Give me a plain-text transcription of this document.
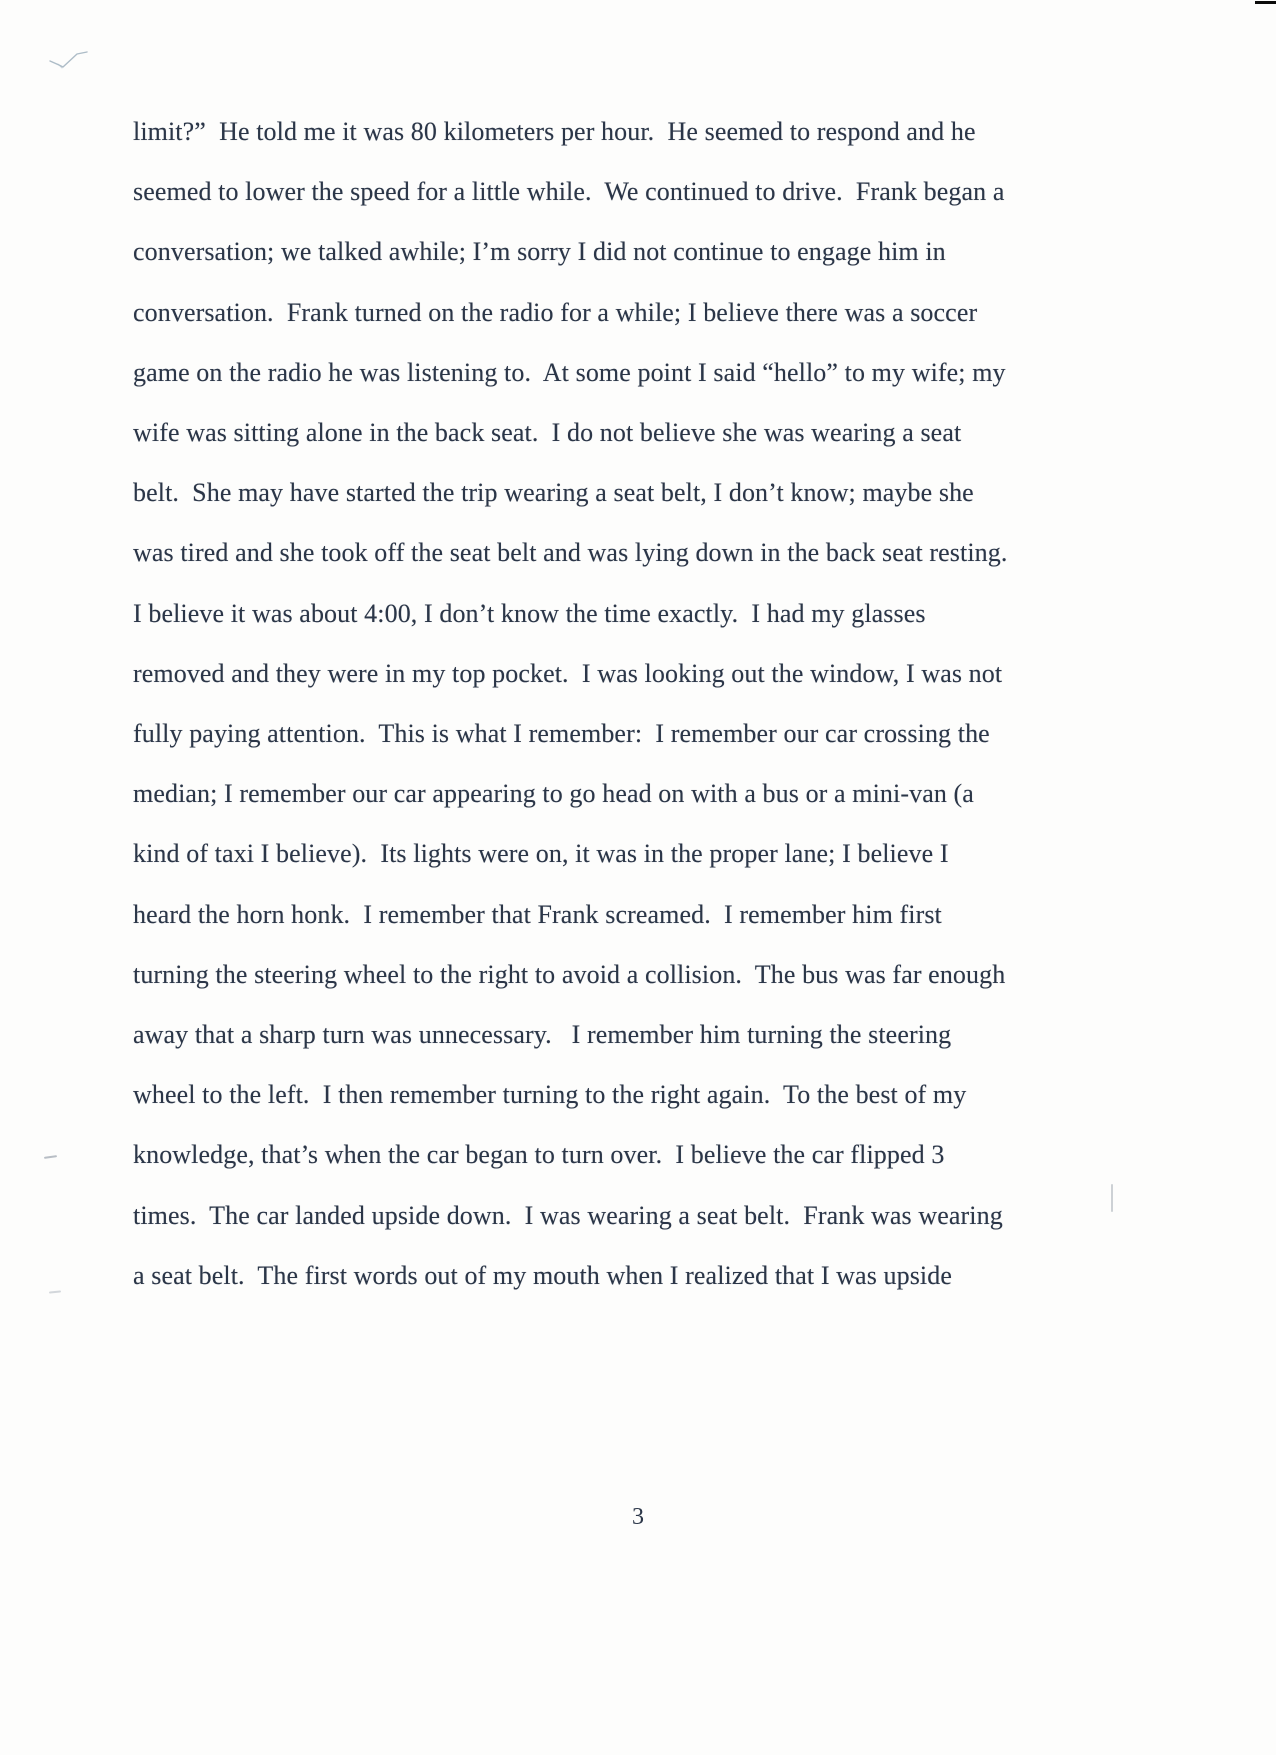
limit?”  He told me it was 80 kilometers per hour.  He seemed to respond and he
seemed to lower the speed for a little while.  We continued to drive.  Frank began a
conversation; we talked awhile; I’m sorry I did not continue to engage him in
conversation.  Frank turned on the radio for a while; I believe there was a soccer
game on the radio he was listening to.  At some point I said “hello” to my wife; my
wife was sitting alone in the back seat.  I do not believe she was wearing a seat
belt.  She may have started the trip wearing a seat belt, I don’t know; maybe she
was tired and she took off the seat belt and was lying down in the back seat resting.
I believe it was about 4:00, I don’t know the time exactly.  I had my glasses
removed and they were in my top pocket.  I was looking out the window, I was not
fully paying attention.  This is what I remember:  I remember our car crossing the
median; I remember our car appearing to go head on with a bus or a mini-van (a
kind of taxi I believe).  Its lights were on, it was in the proper lane; I believe I
heard the horn honk.  I remember that Frank screamed.  I remember him first
turning the steering wheel to the right to avoid a collision.  The bus was far enough
away that a sharp turn was unnecessary.   I remember him turning the steering
wheel to the left.  I then remember turning to the right again.  To the best of my
knowledge, that’s when the car began to turn over.  I believe the car flipped 3
times.  The car landed upside down.  I was wearing a seat belt.  Frank was wearing
a seat belt.  The first words out of my mouth when I realized that I was upside
3
